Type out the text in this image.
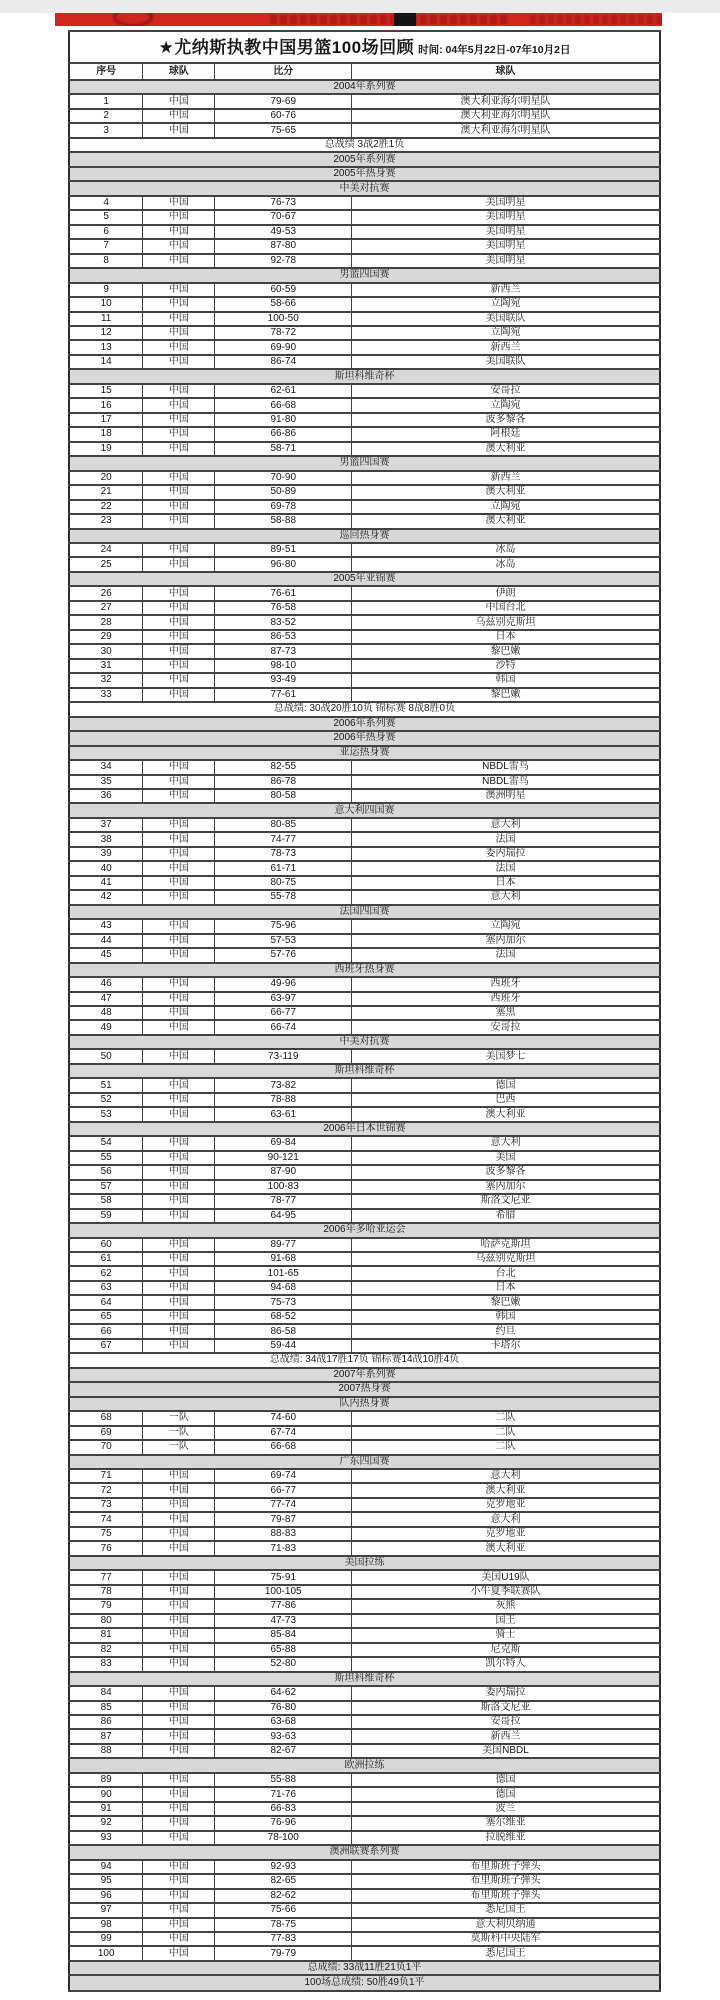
★尤纳斯执教中国男篮100场回顾 时间: 04年5月22日-07年10月2日			
序号	球队	比分	球队
2004年系列赛			
1	中国	79-69	澳大利亚海尔明星队
2	中国	60-76	澳大利亚海尔明星队
3	中国	75-65	澳大利亚海尔明星队
总战绩 3战2胜1负			
2005年系列赛			
2005年热身赛			
中美对抗赛			
4	中国	76-73	美国明星
5	中国	70-67	美国明星
6	中国	49-53	美国明星
7	中国	87-80	美国明星
8	中国	92-78	美国明星
男篮四国赛			
9	中国	60-59	新西兰
10	中国	58-66	立陶宛
11	中国	100-50	美国联队
12	中国	78-72	立陶宛
13	中国	69-90	新西兰
14	中国	86-74	美国联队
斯坦科维奇杯			
15	中国	62-61	安哥拉
16	中国	66-68	立陶宛
17	中国	91-80	波多黎各
18	中国	66-86	阿根廷
19	中国	58-71	澳大利亚
男篮四国赛			
20	中国	70-90	新西兰
21	中国	50-89	澳大利亚
22	中国	69-78	立陶宛
23	中国	58-88	澳大利亚
巡回热身赛			
24	中国	89-51	冰岛
25	中国	96-80	冰岛
2005年亚锦赛			
26	中国	76-61	伊朗
27	中国	76-58	中国台北
28	中国	83-52	乌兹别克斯坦
29	中国	86-53	日本
30	中国	87-73	黎巴嫩
31	中国	98-10	沙特
32	中国	93-49	韩国
33	中国	77-61	黎巴嫩
总战绩: 30战20胜10负 锦标赛 8战8胜0负			
2006年系列赛			
2006年热身赛			
亚运热身赛			
34	中国	82-55	NBDL雷鸟
35	中国	86-78	NBDL雷鸟
36	中国	80-58	澳洲明星
意大利四国赛			
37	中国	80-85	意大利
38	中国	74-77	法国
39	中国	78-73	委内瑞拉
40	中国	61-71	法国
41	中国	80-75	日本
42	中国	55-78	意大利
法国四国赛			
43	中国	75-96	立陶宛
44	中国	57-53	塞内加尔
45	中国	57-76	法国
西班牙热身赛			
46	中国	49-96	西班牙
47	中国	63-97	西班牙
48	中国	66-77	塞黑
49	中国	66-74	安哥拉
中美对抗赛			
50	中国	73-119	美国梦七
斯坦科维奇杯			
51	中国	73-82	德国
52	中国	78-88	巴西
53	中国	63-61	澳大利亚
2006年日本世锦赛			
54	中国	69-84	意大利
55	中国	90-121	美国
56	中国	87-90	波多黎各
57	中国	100-83	塞内加尔
58	中国	78-77	斯洛文尼亚
59	中国	64-95	希腊
2006年多哈亚运会			
60	中国	89-77	哈萨克斯坦
61	中国	91-68	乌兹别克斯坦
62	中国	101-65	台北
63	中国	94-68	日本
64	中国	75-73	黎巴嫩
65	中国	68-52	韩国
66	中国	86-58	约旦
67	中国	59-44	卡塔尔
总战绩: 34战17胜17负 锦标赛14战10胜4负			
2007年系列赛			
2007热身赛			
队内热身赛			
68	一队	74-60	二队
69	一队	67-74	二队
70	一队	66-68	二队
广东四国赛			
71	中国	69-74	意大利
72	中国	66-77	澳大利亚
73	中国	77-74	克罗地亚
74	中国	79-87	意大利
75	中国	88-83	克罗地亚
76	中国	71-83	澳大利亚
美国拉练			
77	中国	75-91	美国U19队
78	中国	100-105	小牛夏季联赛队
79	中国	77-86	灰熊
80	中国	47-73	国王
81	中国	85-84	骑士
82	中国	65-88	尼克斯
83	中国	52-80	凯尔特人
斯坦科维奇杯			
84	中国	64-62	委内瑞拉
85	中国	76-80	斯洛文尼亚
86	中国	63-68	安哥拉
87	中国	93-63	新西兰
88	中国	82-67	美国NBDL
欧洲拉练			
89	中国	55-88	德国
90	中国	71-76	德国
91	中国	66-83	波兰
92	中国	76-96	塞尔维亚
93	中国	78-100	拉脱维亚
澳洲联赛系列赛			
94	中国	92-93	布里斯班子弹头
95	中国	82-65	布里斯班子弹头
96	中国	82-62	布里斯班子弹头
97	中国	75-66	悉尼国王
98	中国	78-75	意大利贝纳通
99	中国	77-83	莫斯科中央陆军
100	中国	79-79	悉尼国王
总成绩: 33战11胜21负1平			
100场总成绩: 50胜49负1平			
